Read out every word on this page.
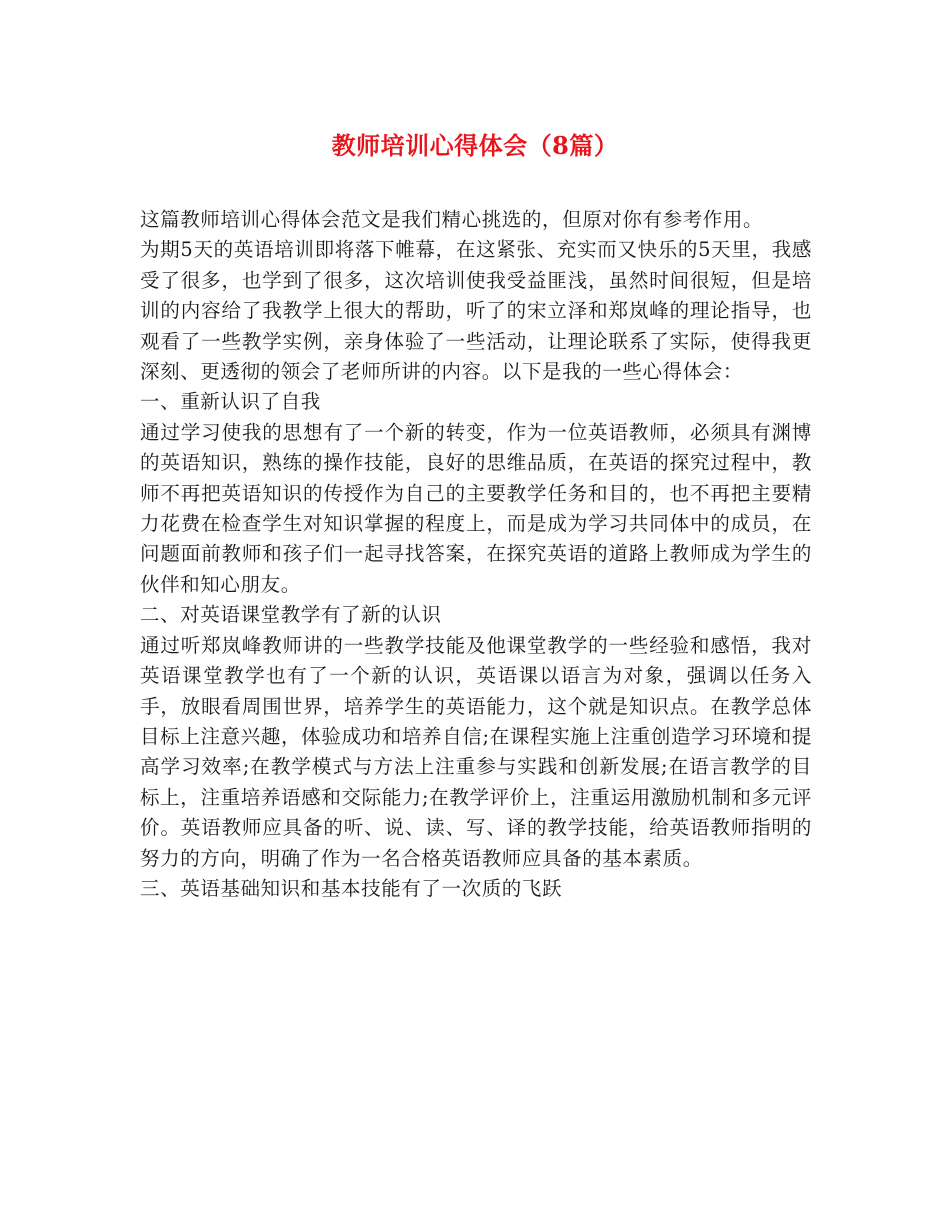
教师培训心得体会（8篇）

这篇教师培训心得体会范文是我们精心挑选的，但原对你有参考作用。

为期5天的英语培训即将落下帷幕，在这紧张、充实而又快乐的5天里，我感受了很多，也学到了很多，这次培训使我受益匪浅，虽然时间很短，但是培训的内容给了我教学上很大的帮助，听了的宋立泽和郑岚峰的理论指导，也观看了一些教学实例，亲身体验了一些活动，让理论联系了实际，使得我更深刻、更透彻的领会了老师所讲的内容。以下是我的一些心得体会：

一、重新认识了自我

通过学习使我的思想有了一个新的转变，作为一位英语教师，必须具有渊博的英语知识，熟练的操作技能，良好的思维品质，在英语的探究过程中，教师不再把英语知识的传授作为自己的主要教学任务和目的，也不再把主要精力花费在检查学生对知识掌握的程度上，而是成为学习共同体中的成员，在问题面前教师和孩子们一起寻找答案，在探究英语的道路上教师成为学生的伙伴和知心朋友。

二、对英语课堂教学有了新的认识

通过听郑岚峰教师讲的一些教学技能及他课堂教学的一些经验和感悟，我对英语课堂教学也有了一个新的认识，英语课以语言为对象，强调以任务入手，放眼看周围世界，培养学生的英语能力，这个就是知识点。在教学总体目标上注意兴趣，体验成功和培养自信;在课程实施上注重创造学习环境和提高学习效率;在教学模式与方法上注重参与实践和创新发展;在语言教学的目标上，注重培养语感和交际能力;在教学评价上，注重运用激励机制和多元评价。英语教师应具备的听、说、读、写、译的教学技能，给英语教师指明的努力的方向，明确了作为一名合格英语教师应具备的基本素质。

三、英语基础知识和基本技能有了一次质的飞跃
